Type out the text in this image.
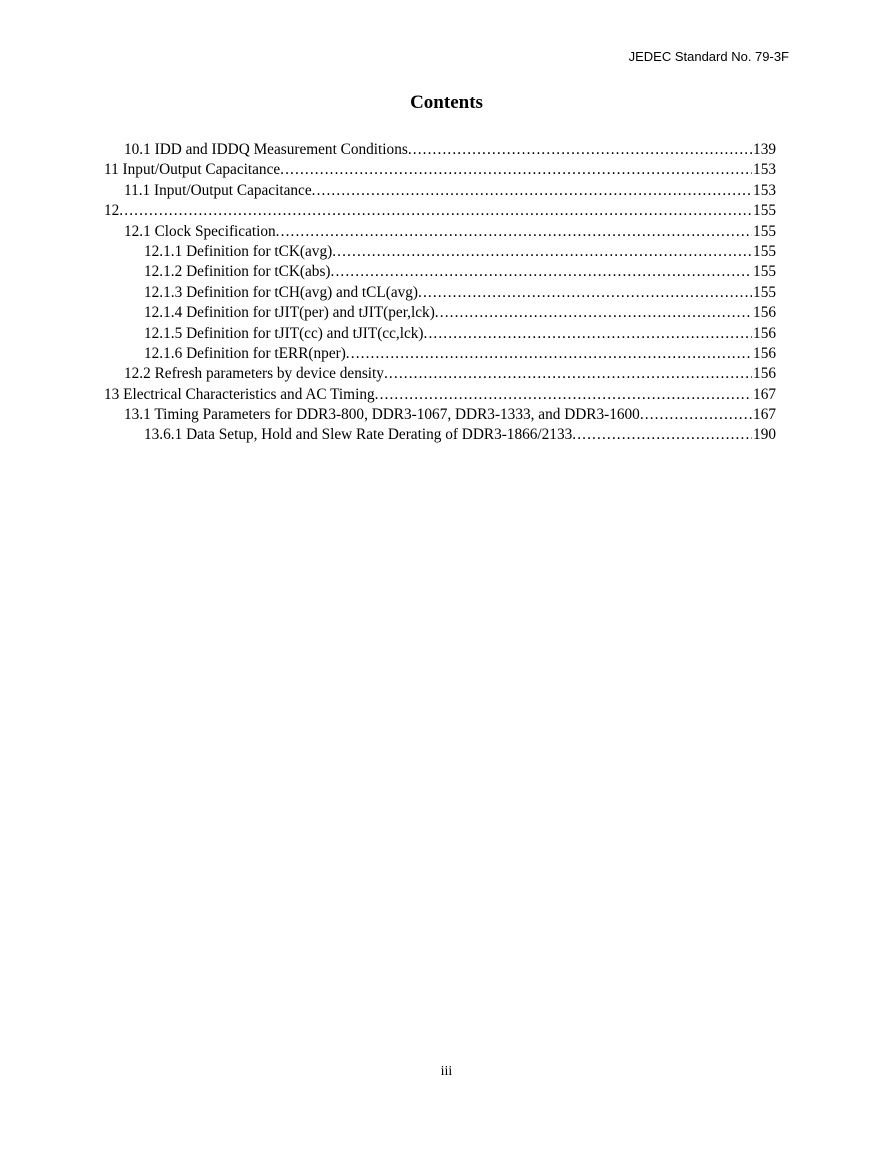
JEDEC Standard No. 79-3F
Contents
10.1 IDD and IDDQ Measurement Conditions . . .	139
11 Input/Output Capacitance . . .	153
11.1 Input/Output Capacitance . . .	153
12 . . .	155
12.1 Clock Specification . . .	155
12.1.1 Definition for tCK(avg) . . .	155
12.1.2 Definition for tCK(abs) . . .	155
12.1.3 Definition for tCH(avg) and tCL(avg) . . .	155
12.1.4 Definition for tJIT(per) and tJIT(per,lck) . . .	156
12.1.5 Definition for tJIT(cc) and tJIT(cc,lck) . . .	156
12.1.6 Definition for tERR(nper) . . .	156
12.2 Refresh parameters by device density . . .	156
13 Electrical Characteristics and AC Timing . . .	167
13.1 Timing Parameters for DDR3-800, DDR3-1067, DDR3-1333, and DDR3-1600 . . .	167
13.6.1 Data Setup, Hold and Slew Rate Derating of DDR3-1866/2133 . . .	190
iii
